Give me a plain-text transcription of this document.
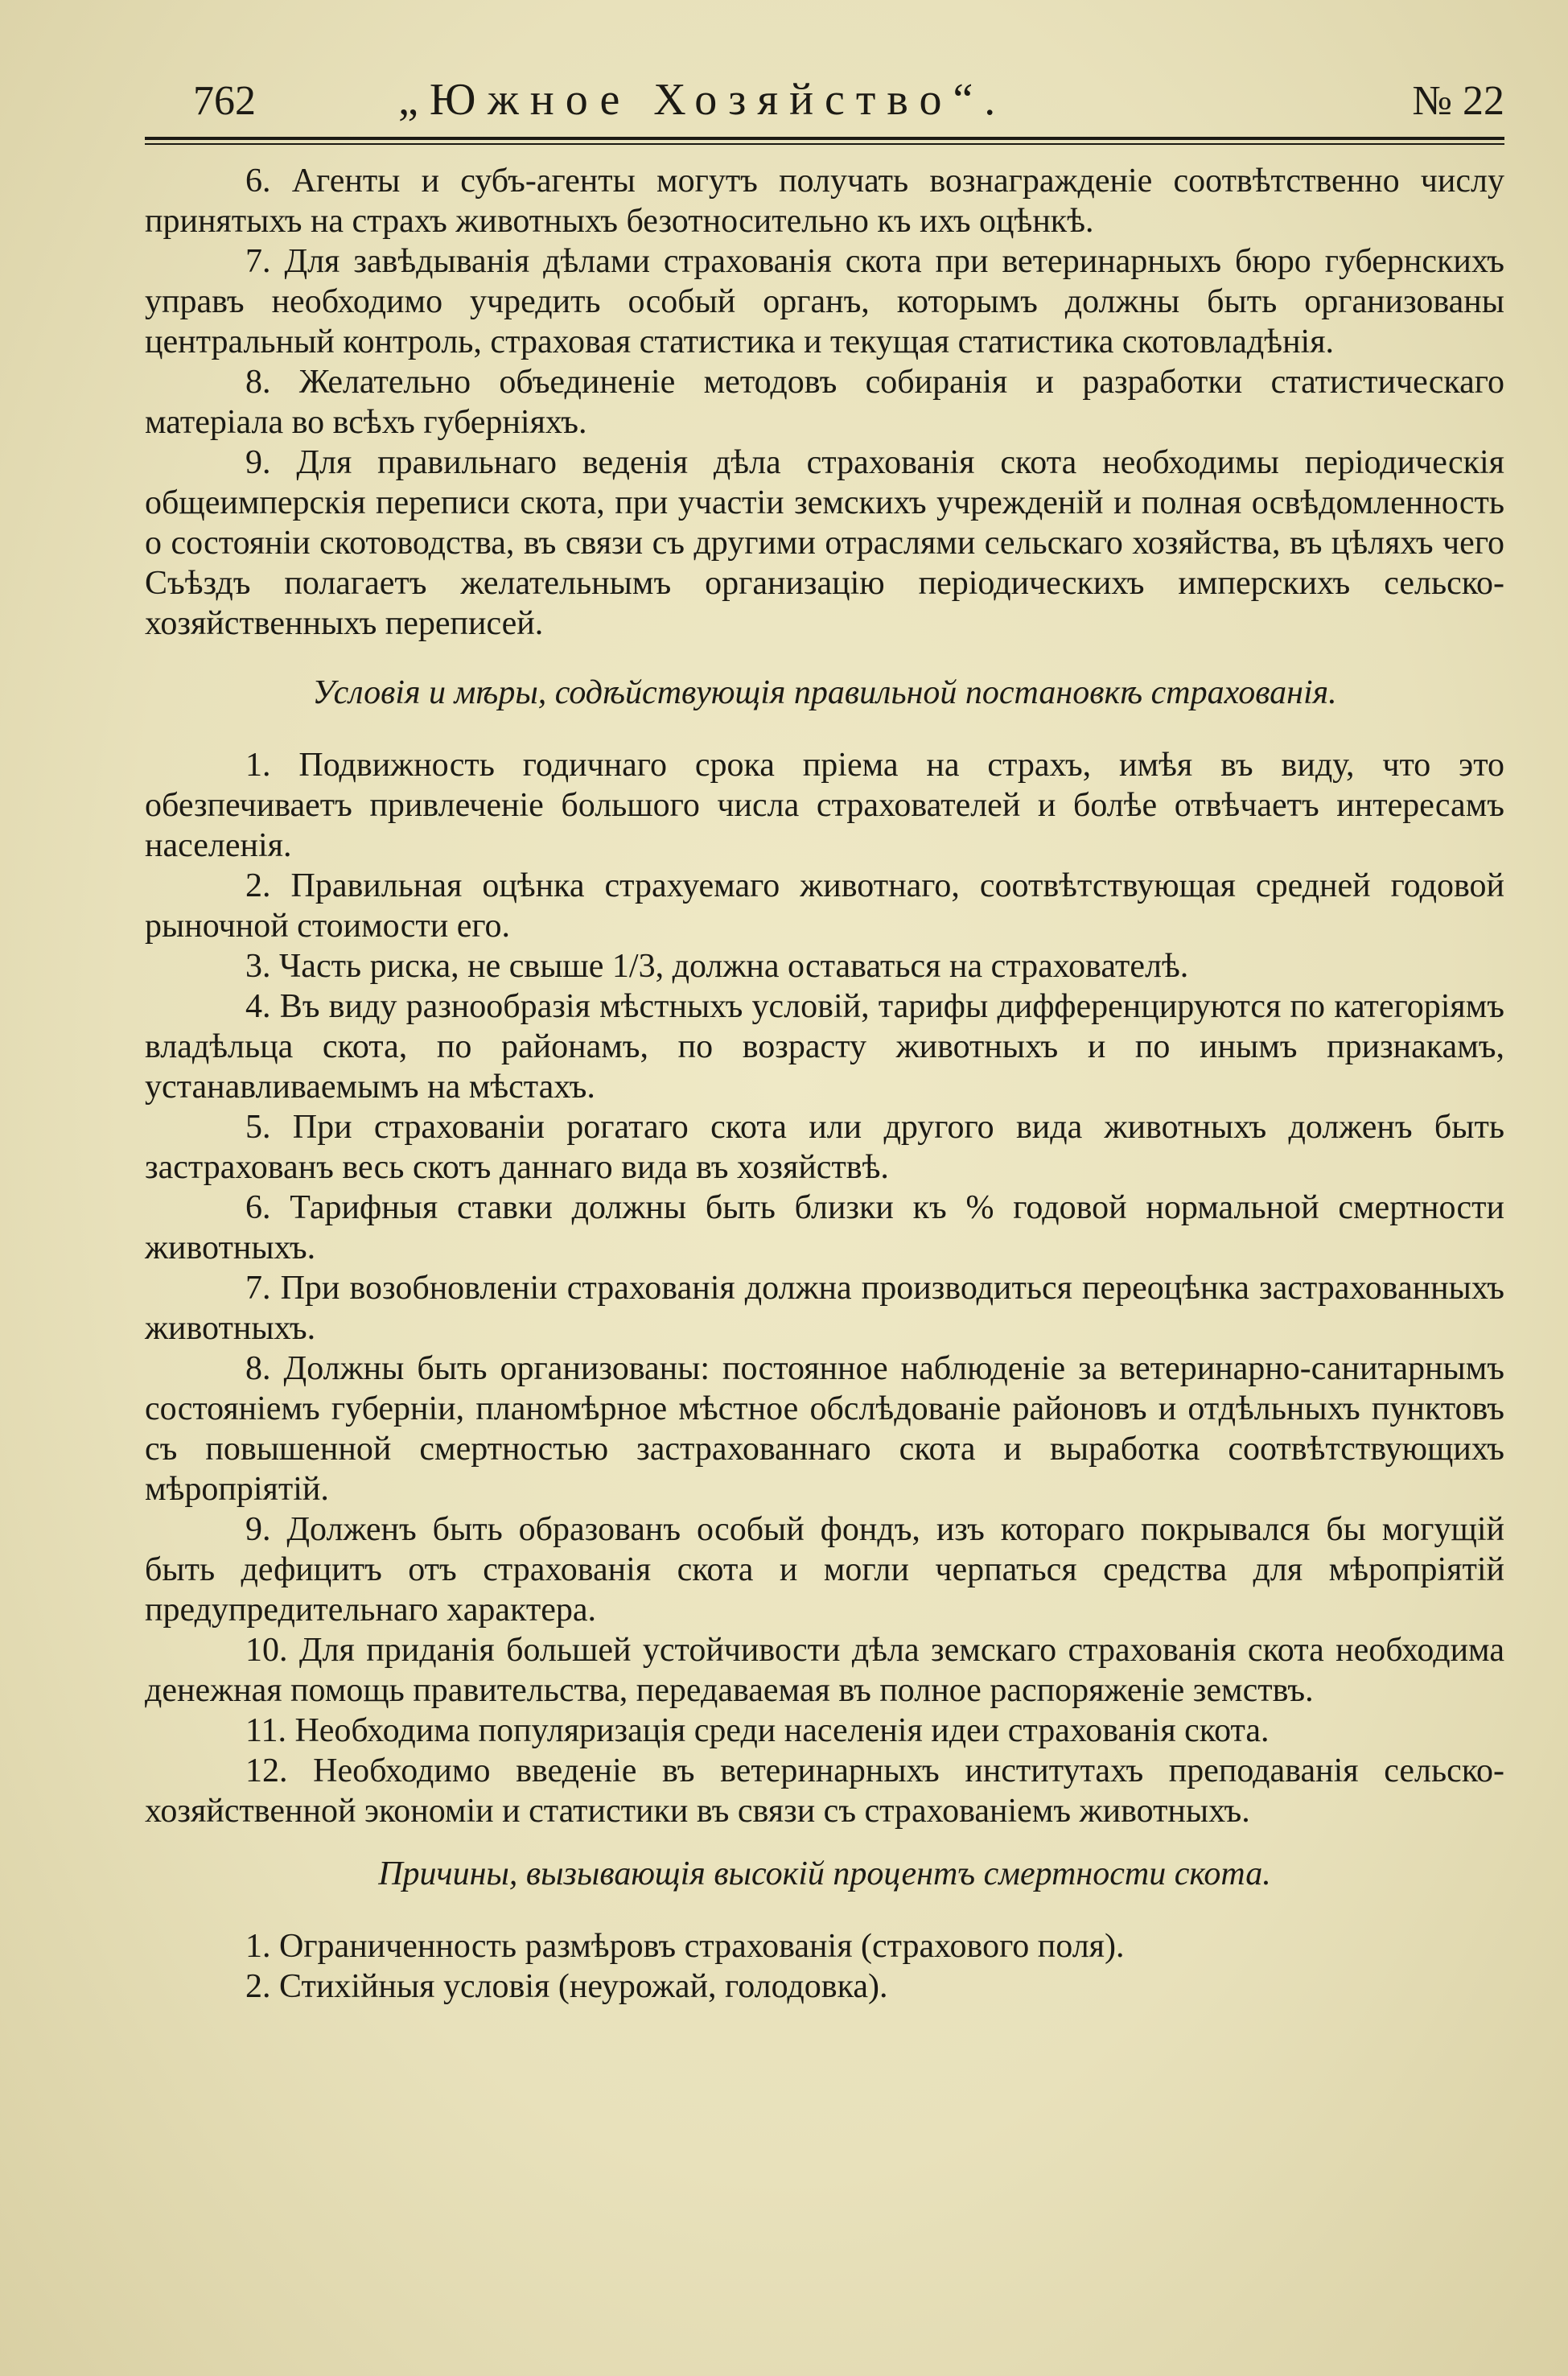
762	„Южное Хозяйство“.	№ 22

6. Агенты и субъ-агенты могутъ получать вознагражденіе соотвѣтственно числу принятыхъ на страхъ животныхъ безотносительно къ ихъ оцѣнкѣ.

7. Для завѣдыванія дѣлами страхованія скота при ветеринарныхъ бюро губернскихъ управъ необходимо учредить особый органъ, которымъ должны быть организованы центральный контроль, страховая статистика и текущая статистика скотовладѣнія.

8. Желательно объединеніе методовъ собиранія и разработки статистическаго матеріала во всѣхъ губерніяхъ.

9. Для правильнаго веденія дѣла страхованія скота необходимы періодическія общеимперскія переписи скота, при участіи земскихъ учрежденій и полная освѣдомленность о состояніи скотоводства, въ связи съ другими отраслями сельскаго хозяйства, въ цѣляхъ чего Съѣздъ полагаетъ желательнымъ организацію періодическихъ имперскихъ сельско-хозяйственныхъ переписей.

Условія и мѣры, содѣйствующія правильной постановкѣ страхованія.

1. Подвижность годичнаго срока пріема на страхъ, имѣя въ виду, что это обезпечиваетъ привлеченіе большого числа страхователей и болѣе отвѣчаетъ интересамъ населенія.

2. Правильная оцѣнка страхуемаго животнаго, соотвѣтствующая средней годовой рыночной стоимости его.

3. Часть риска, не свыше 1/3, должна оставаться на страхователѣ.

4. Въ виду разнообразія мѣстныхъ условій, тарифы дифференцируются по категоріямъ владѣльца скота, по районамъ, по возрасту животныхъ и по инымъ признакамъ, устанавливаемымъ на мѣстахъ.

5. При страхованіи рогатаго скота или другого вида животныхъ долженъ быть застрахованъ весь скотъ даннаго вида въ хозяйствѣ.

6. Тарифныя ставки должны быть близки къ % годовой нормальной смертности животныхъ.

7. При возобновленіи страхованія должна производиться переоцѣнка застрахованныхъ животныхъ.

8. Должны быть организованы: постоянное наблюденіе за ветеринарно-санитарнымъ состояніемъ губерніи, планомѣрное мѣстное обслѣдованіе районовъ и отдѣльныхъ пунктовъ съ повышенной смертностью застрахованнаго скота и выработка соотвѣтствующихъ мѣропріятій.

9. Долженъ быть образованъ особый фондъ, изъ котораго покрывался бы могущій быть дефицитъ отъ страхованія скота и могли черпаться средства для мѣропріятій предупредительнаго характера.

10. Для приданія большей устойчивости дѣла земскаго страхованія скота необходима денежная помощь правительства, передаваемая въ полное распоряженіе земствъ.

11. Необходима популяризація среди населенія идеи страхованія скота.

12. Необходимо введеніе въ ветеринарныхъ институтахъ преподаванія сельско-хозяйственной экономіи и статистики въ связи съ страхованіемъ животныхъ.

Причины, вызывающія высокій процентъ смертности скота.

1. Ограниченность размѣровъ страхованія (страхового поля).

2. Стихійныя условія (неурожай, голодовка).
